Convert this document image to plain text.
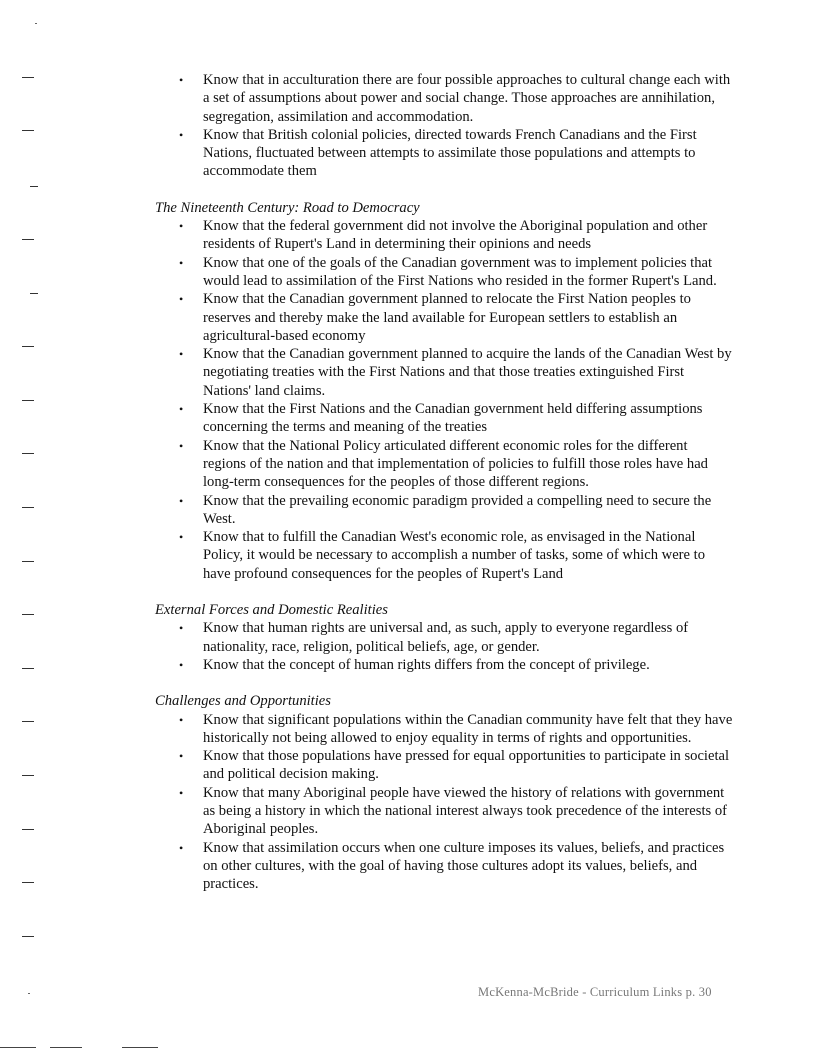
• Know that in acculturation there are four possible approaches to cultural change each with a set of assumptions about power and social change. Those approaches are annihilation, segregation, assimilation and accommodation.
• Know that British colonial policies, directed towards French Canadians and the First Nations, fluctuated between attempts to assimilate those populations and attempts to accommodate them

The Nineteenth Century: Road to Democracy

• Know that the federal government did not involve the Aboriginal population and other residents of Rupert's Land in determining their opinions and needs
• Know that one of the goals of the Canadian government was to implement policies that would lead to assimilation of the First Nations who resided in the former Rupert's Land.
• Know that the Canadian government planned to relocate the First Nation peoples to reserves and thereby make the land available for European settlers to establish an agricultural-based economy
• Know that the Canadian government planned to acquire the lands of the Canadian West by negotiating treaties with the First Nations and that those treaties extinguished First Nations' land claims.
• Know that the First Nations and the Canadian government held differing assumptions concerning the terms and meaning of the treaties
• Know that the National Policy articulated different economic roles for the different regions of the nation and that implementation of policies to fulfill those roles have had long-term consequences for the peoples of those different regions.
• Know that the prevailing economic paradigm provided a compelling need to secure the West.
• Know that to fulfill the Canadian West's economic role, as envisaged in the National Policy, it would be necessary to accomplish a number of tasks, some of which were to have profound consequences for the peoples of Rupert's Land

External Forces and Domestic Realities

• Know that human rights are universal and, as such, apply to everyone regardless of nationality, race, religion, political beliefs, age, or gender.
• Know that the concept of human rights differs from the concept of privilege.

Challenges and Opportunities

• Know that significant populations within the Canadian community have felt that they have historically not being allowed to enjoy equality in terms of rights and opportunities.
• Know that those populations have pressed for equal opportunities to participate in societal and political decision making.
• Know that many Aboriginal people have viewed the history of relations with government as being a history in which the national interest always took precedence of the interests of Aboriginal peoples.
• Know that assimilation occurs when one culture imposes its values, beliefs, and practices on other cultures, with the goal of having those cultures adopt its values, beliefs, and practices.
McKenna-McBride - Curriculum Links p. 30
